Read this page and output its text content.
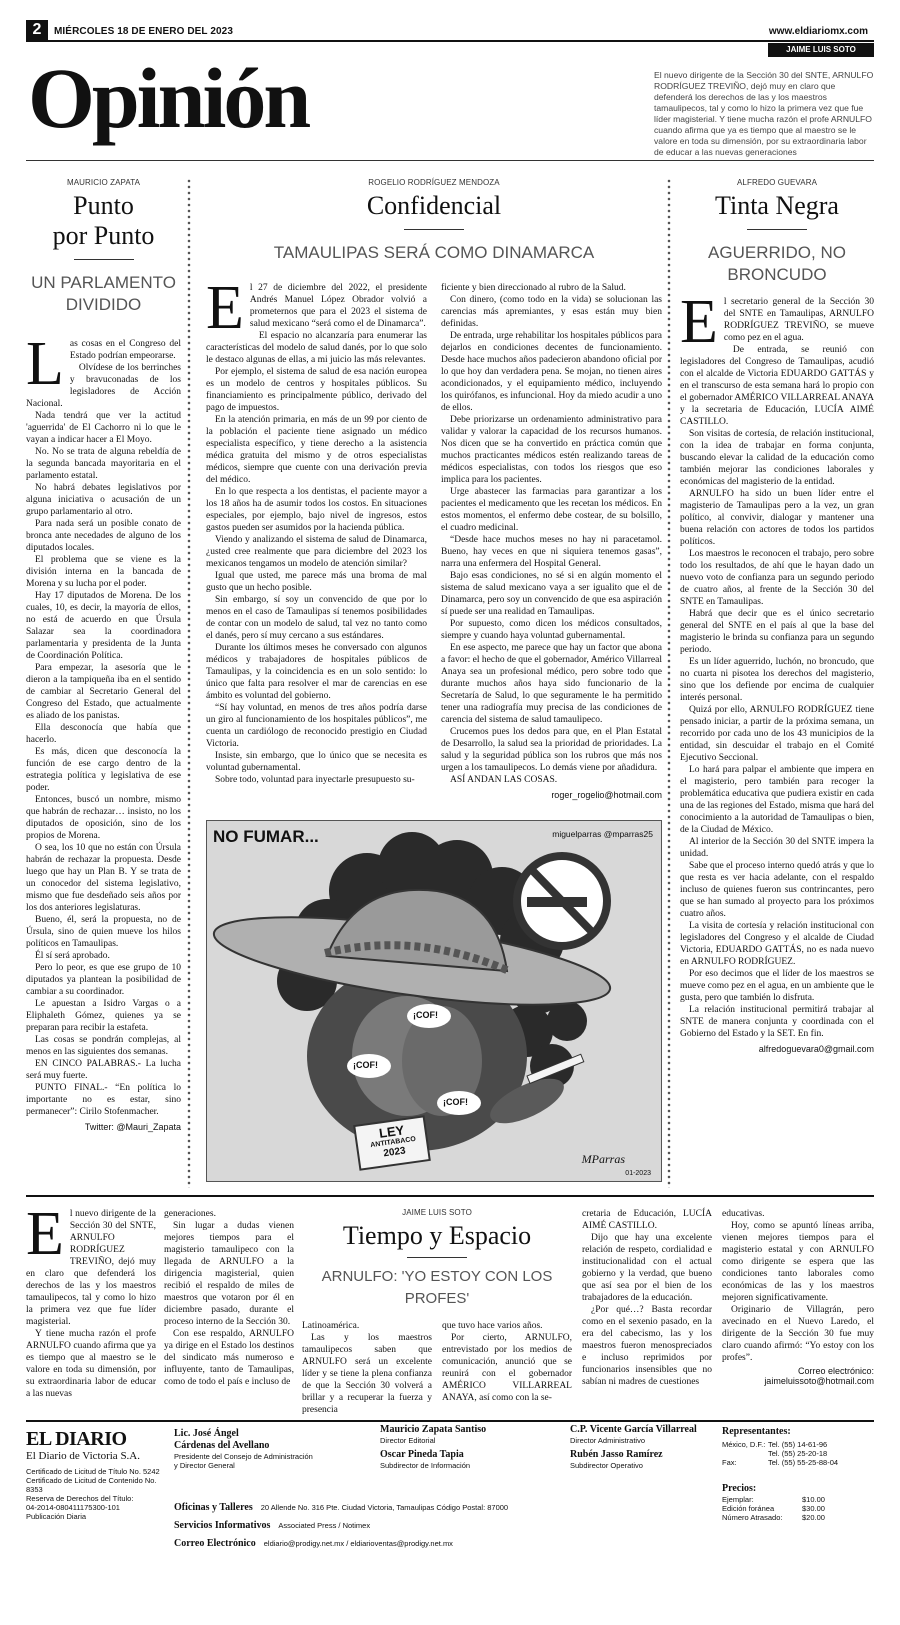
2	MIÉRCOLES 18 DE ENERO DEL 2023	www.eldiariomx.com
JAIME LUIS SOTO
Opinión	El nuevo dirigente de la Sección 30 del SNTE, ARNULFO RODRÍGUEZ TREVIÑO, dejó muy en claro que defenderá los derechos de las y los maestros tamaulipecos, tal y como lo hizo la primera vez que fue líder magisterial. Y tiene mucha razón el profe ARNULFO cuando afirma que ya es tiempo que al maestro se le valore en toda su dimensión, por su extraordinaria labor de educar a las nuevas generaciones
MAURICIO ZAPATA
Punto
por Punto
UN PARLAMENTO DIVIDIDO
L as cosas en el Congreso del Estado podrían empeorarse.

Olvídese de los berrinches y bravuconadas de los legisladores de Acción Nacional.

Nada tendrá que ver la actitud 'aguerrida' de El Cachorro ni lo que le vayan a indicar hacer a El Moyo.

No. No se trata de alguna rebeldía de la segunda bancada mayoritaria en el parlamento estatal.

No habrá debates legislativos por alguna iniciativa o acusación de un grupo parlamentario al otro.

Para nada será un posible conato de bronca ante necedades de alguno de los diputados locales.

El problema que se viene es la división interna en la bancada de Morena y su lucha por el poder.

Hay 17 diputados de Morena. De los cuales, 10, es decir, la mayoría de ellos, no está de acuerdo en que Úrsula Salazar sea la coordinadora parlamentaria y presidenta de la Junta de Coordinación Política.

Para empezar, la asesoría que le dieron a la tampiqueña iba en el sentido de cambiar al Secretario General del Congreso del Estado, que actualmente es aliado de los panistas.

Ella desconocía que había que hacerlo.

Es más, dicen que desconocía la función de ese cargo dentro de la estrategia política y legislativa de ese poder.

Entonces, buscó un nombre, mismo que habrán de rechazar… insisto, no los diputados de oposición, sino de los propios de Morena.

O sea, los 10 que no están con Úrsula habrán de rechazar la propuesta. Desde luego que hay un Plan B. Y se trata de un conocedor del sistema legislativo, mismo que fue desdeñado seis años por los dos anteriores legislaturas.

Bueno, él, será la propuesta, no de Úrsula, sino de quien mueve los hilos políticos en Tamaulipas.

Él sí será aprobado.

Pero lo peor, es que ese grupo de 10 diputados ya plantean la posibilidad de cambiar a su coordinador.

Le apuestan a Isidro Vargas o a Eliphaleth Gómez, quienes ya se preparan para recibir la estafeta.

Las cosas se pondrán complejas, al menos en las siguientes dos semanas.

EN CINCO PALABRAS.- La lucha será muy fuerte.

PUNTO FINAL.- “En política lo importante no es estar, sino permanecer”: Cirilo Stofenmacher.

Twitter: @Mauri_Zapata
ROGELIO RODRÍGUEZ MENDOZA
Confidencial
TAMAULIPAS SERÁ COMO DINAMARCA
E l 27 de diciembre del 2022, el presidente Andrés Manuel López Obrador volvió a prometernos que para el 2023 el sistema de salud mexicano “será como el de Dinamarca”.

El espacio no alcanzaría para enumerar las características del modelo de salud danés, por lo que solo le destaco algunas de ellas, a mi juicio las más relevantes.

Por ejemplo, el sistema de salud de esa nación europea es un modelo de centros y hospitales públicos. Su financiamiento es principalmente público, derivado del pago de impuestos.

En la atención primaria, en más de un 99 por ciento de la población el paciente tiene asignado un médico especialista específico, y tiene derecho a la asistencia médica gratuita del mismo y de otros especialistas médicos, siempre que cuente con una derivación previa del médico.

En lo que respecta a los dentistas, el paciente mayor a los 18 años ha de asumir todos los costos. En situaciones especiales, por ejemplo, bajo nivel de ingresos, estos gastos pueden ser asumidos por la hacienda pública.

Viendo y analizando el sistema de salud de Dinamarca, ¿usted cree realmente que para diciembre del 2023 los mexicanos tengamos un modelo de atención similar?

Igual que usted, me parece más una broma de mal gusto que un hecho posible.

Sin embargo, sí soy un convencido de que por lo menos en el caso de Tamaulipas sí tenemos posibilidades de contar con un modelo de salud, tal vez no tanto como el danés, pero sí muy cercano a sus estándares.

Durante los últimos meses he conversado con algunos médicos y trabajadores de hospitales públicos de Tamaulipas, y la coincidencia es en un solo sentido: lo único que falta para resolver el mar de carencias en ese ámbito es voluntad del gobierno.

“Sí hay voluntad, en menos de tres años podría darse un giro al funcionamiento de los hospitales públicos”, me cuenta un cardiólogo de reconocido prestigio en Ciudad Victoria.

Insiste, sin embargo, que lo único que se necesita es voluntad gubernamental.

Sobre todo, voluntad para inyectarle presupuesto su-

ficiente y bien direccionado al rubro de la Salud.

Con dinero, (como todo en la vida) se solucionan las carencias más apremiantes, y esas están muy bien definidas.

De entrada, urge rehabilitar los hospitales públicos para dejarlos en condiciones decentes de funcionamiento. Desde hace muchos años padecieron abandono oficial por lo que hoy dan verdadera pena. Se mojan, no tienen aires acondicionados, y el equipamiento médico, incluyendo los quirófanos, es infuncional. Hoy da miedo acudir a uno de ellos.

Debe priorizarse un ordenamiento administrativo para validar y valorar la capacidad de los recursos humanos. Nos dicen que se ha convertido en práctica común que muchos practicantes médicos estén realizando tareas de médicos especialistas, con todos los riesgos que eso implica para los pacientes.

Urge abastecer las farmacias para garantizar a los pacientes el medicamento que les recetan los médicos. En estos momentos, el enfermo debe costear, de su bolsillo, el cuadro medicinal.

“Desde hace muchos meses no hay ni paracetamol. Bueno, hay veces en que ni siquiera tenemos gasas”, narra una enfermera del Hospital General.

Bajo esas condiciones, no sé si en algún momento el sistema de salud mexicano vaya a ser igualito que el de Dinamarca, pero soy un convencido de que esa aspiración sí puede ser una realidad en Tamaulipas.

Por supuesto, como dicen los médicos consultados, siempre y cuando haya voluntad gubernamental.

En ese aspecto, me parece que hay un factor que abona a favor: el hecho de que el gobernador, Américo Villarreal Anaya sea un profesional médico, pero sobre todo que durante muchos años haya sido funcionario de la Secretaría de Salud, lo que seguramente le ha permitido tener una radiografía muy precisa de las condiciones de carencia del sistema de salud tamaulipeco.

Crucemos pues los dedos para que, en el Plan Estatal de Desarrollo, la salud sea la prioridad de prioridades. La salud y la seguridad pública son los rubros que más nos urgen a los tamaulipecos. Lo demás viene por añadidura.

ASÍ ANDAN LAS COSAS.

roger_rogelio@hotmail.com
NO FUMAR...	miguelparras @mparras25
¡COF!
¡COF!
¡COF!
LEY
ANTITABACO
2023	MParras
01-2023
ALFREDO GUEVARA
Tinta Negra
AGUERRIDO, NO BRONCUDO
E l secretario general de la Sección 30 del SNTE en Tamaulipas, ARNULFO RODRÍGUEZ TREVIÑO, se mueve como pez en el agua.

De entrada, se reunió con legisladores del Congreso de Tamaulipas, acudió con el alcalde de Victoria EDUARDO GATTÁS y en el transcurso de esta semana hará lo propio con el gobernador AMÉRICO VILLARREAL ANAYA y la secretaria de Educación, LUCÍA AIMÉ CASTILLO.

Son visitas de cortesía, de relación institucional, con la idea de trabajar en forma conjunta, buscando elevar la calidad de la educación como también mejorar las condiciones laborales y económicas del magisterio de la entidad.

ARNULFO ha sido un buen líder entre el magisterio de Tamaulipas pero a la vez, un gran político, al convivir, dialogar y mantener una buena relación con actores de todos los partidos políticos.

Los maestros le reconocen el trabajo, pero sobre todo los resultados, de ahí que le hayan dado un nuevo voto de confianza para un segundo periodo de cuatro años, al frente de la Sección 30 del SNTE en Tamaulipas.

Habrá que decir que es el único secretario general del SNTE en el país al que la base del magisterio le brinda su confianza para un segundo periodo.

Es un líder aguerrido, luchón, no broncudo, que no cuarta ni pisotea los derechos del magisterio, sino que los defiende por encima de cualquier interés personal.

Quizá por ello, ARNULFO RODRÍGUEZ tiene pensado iniciar, a partir de la próxima semana, un recorrido por cada uno de los 43 municipios de la entidad, sin descuidar el trabajo en el Comité Ejecutivo Seccional.

Lo hará para palpar el ambiente que impera en el magisterio, pero también para recoger la problemática educativa que pudiera existir en cada una de las regiones del Estado, misma que hará del conocimiento a la autoridad de Tamaulipas o bien, de la Ciudad de México.

Al interior de la Sección 30 del SNTE impera la unidad.

Sabe que el proceso interno quedó atrás y que lo que resta es ver hacia adelante, con el respaldo incluso de quienes fueron sus contrincantes, pero que se han sumado al proyecto para los próximos cuatro años.

La visita de cortesía y relación institucional con legisladores del Congreso y el alcalde de Ciudad Victoria, EDUARDO GATTÁS, no es nada nuevo en ARNULFO RODRÍGUEZ.

Por eso decimos que el líder de los maestros se mueve como pez en el agua, en un ambiente que le gusta, pero que también lo disfruta.

La relación institucional permitirá trabajar al SNTE de manera conjunta y coordinada con el Gobierno del Estado y la SET. En fin.

alfredoguevara0@gmail.com
E l nuevo dirigente de la Sección 30 del SNTE, ARNULFO RODRÍGUEZ TREVIÑO, dejó muy en claro que defenderá los derechos de las y los maestros tamaulipecos, tal y como lo hizo la primera vez que fue líder magisterial.

Y tiene mucha razón el profe ARNULFO cuando afirma que ya es tiempo que al maestro se le valore en toda su dimensión, por su extraordinaria labor de educar a las nuevas

generaciones.

Sin lugar a dudas vienen mejores tiempos para el magisterio tamaulipeco con la llegada de ARNULFO a la dirigencia magisterial, quien recibió el respaldo de miles de maestros que votaron por él en diciembre pasado, durante el proceso interno de la Sección 30.

Con ese respaldo, ARNULFO ya dirige en el Estado los destinos del sindicato más numeroso e influyente, tanto de Tamaulipas, como de todo el país e incluso de

JAIME LUIS SOTO
Tiempo y Espacio
ARNULFO: 'YO ESTOY CON LOS PROFES'

Latinoamérica.

Las y los maestros tamaulipecos saben que ARNULFO será un excelente líder y se tiene la plena confianza de que la Sección 30 volverá a brillar y a recuperar la fuerza y presencia

que tuvo hace varios años.

Por cierto, ARNULFO, entrevistado por los medios de comunicación, anunció que se reunirá con el gobernador AMÉRICO VILLARREAL ANAYA, así como con la se-

cretaria de Educación, LUCÍA AIMÉ CASTILLO.

Dijo que hay una excelente relación de respeto, cordialidad e institucionalidad con el actual gobierno y la verdad, que bueno que así sea por el bien de los trabajadores de la educación.

¿Por qué…? Basta recordar como en el sexenio pasado, en la era del cabecismo, las y los maestros fueron menospreciados e incluso reprimidos por funcionarios insensibles que no sabían ni madres de cuestiones

educativas.

Hoy, como se apuntó líneas arriba, vienen mejores tiempos para el magisterio estatal y con ARNULFO como dirigente se espera que las condiciones tanto laborales como económicas de las y los maestros mejoren significativamente.

Originario de Villagrán, pero avecinado en el Nuevo Laredo, el dirigente de la Sección 30 fue muy claro cuando afirmó: “Yo estoy con los profes”.

Correo electrónico:
jaimeluissoto@hotmail.com
EL DIARIO
El Diario de Victoria S.A.
Certificado de Licitud de Título No. 5242
Certificado de Licitud de Contenido No. 8353
Reserva de Derechos del Título:
04-2014-080411175300-101
Publicación Diaria
Lic. José Ángel
Cárdenas del Avellano
Presidente del Consejo de Administración
y Director General
Mauricio Zapata Santiso
Director Editorial
Oscar Pineda Tapia
Subdirector de Información
C.P. Vicente García Villarreal
Director Administrativo
Rubén Jasso Ramírez
Subdirector Operativo
Oficinas y Talleres 20 Allende No. 316 Pte. Ciudad Victoria, Tamaulipas Código Postal: 87000
Servicios Informativos Associated Press / Notimex
Correo Electrónico eldiario@prodigy.net.mx / eldiarioventas@prodigy.net.mx
Representantes:
México, D.F.: Tel. (55) 14-61-96
Tel. (55) 25-20-18
Fax:	Tel. (55) 55-25-88-04
Precios:
Ejemplar:	$10.00
Edición foránea	$30.00
Número Atrasado:	$20.00
